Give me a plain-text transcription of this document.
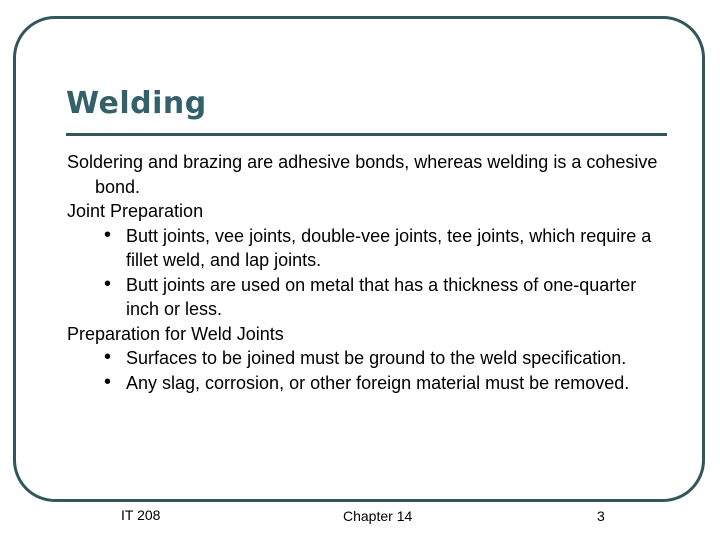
Welding

Soldering and brazing are adhesive bonds, whereas welding is a cohesive bond.

Joint Preparation

• Butt joints, vee joints, double-vee joints, tee joints, which require a fillet weld, and lap joints.

• Butt joints are used on metal that has a thickness of one-quarter inch or less.

Preparation for Weld Joints

• Surfaces to be joined must be ground to the weld specification.

• Any slag, corrosion, or other foreign material must be removed.

IT 208	Chapter 14	3
